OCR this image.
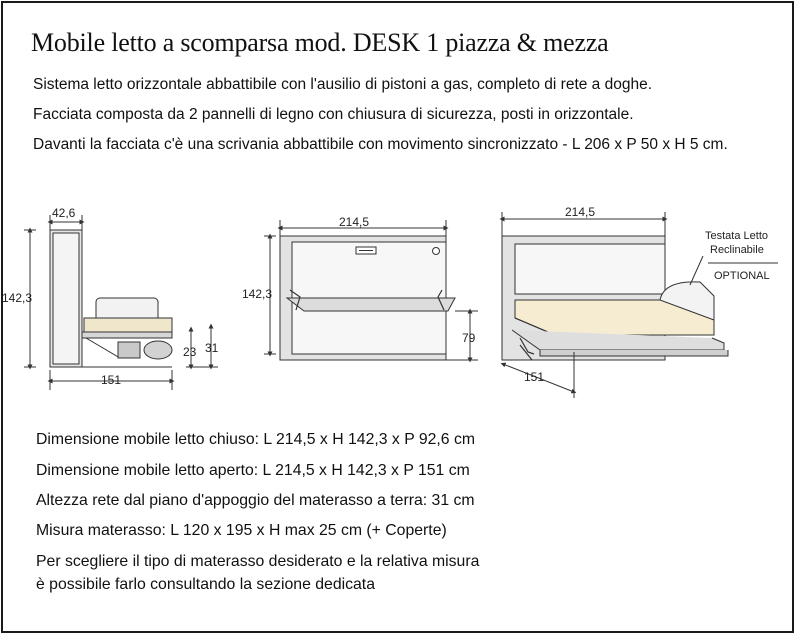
Mobile letto a scomparsa mod. DESK 1 piazza & mezza
Sistema letto orizzontale abbattibile con l'ausilio di pistoni a gas, completo di rete a doghe.
Facciata composta da 2 pannelli di legno con chiusura di sicurezza, posti in orizzontale.
Davanti la facciata c'è una scrivania abbattibile con movimento sincronizzato - L 206 x P 50 x H 5 cm.
42,6
142,3
151
23 31
214,5
142,3
79
214,5
151
Testata Letto
Reclinabile
OPTIONAL
Dimensione mobile letto chiuso: L 214,5 x H 142,3 x P 92,6 cm
Dimensione mobile letto aperto: L 214,5 x H 142,3 x P 151 cm
Altezza rete dal piano d'appoggio del materasso a terra: 31 cm
Misura materasso: L 120 x 195 x H max 25 cm (+ Coperte)
Per scegliere il tipo di materasso desiderato e la relativa misura
è possibile farlo consultando la sezione dedicata
